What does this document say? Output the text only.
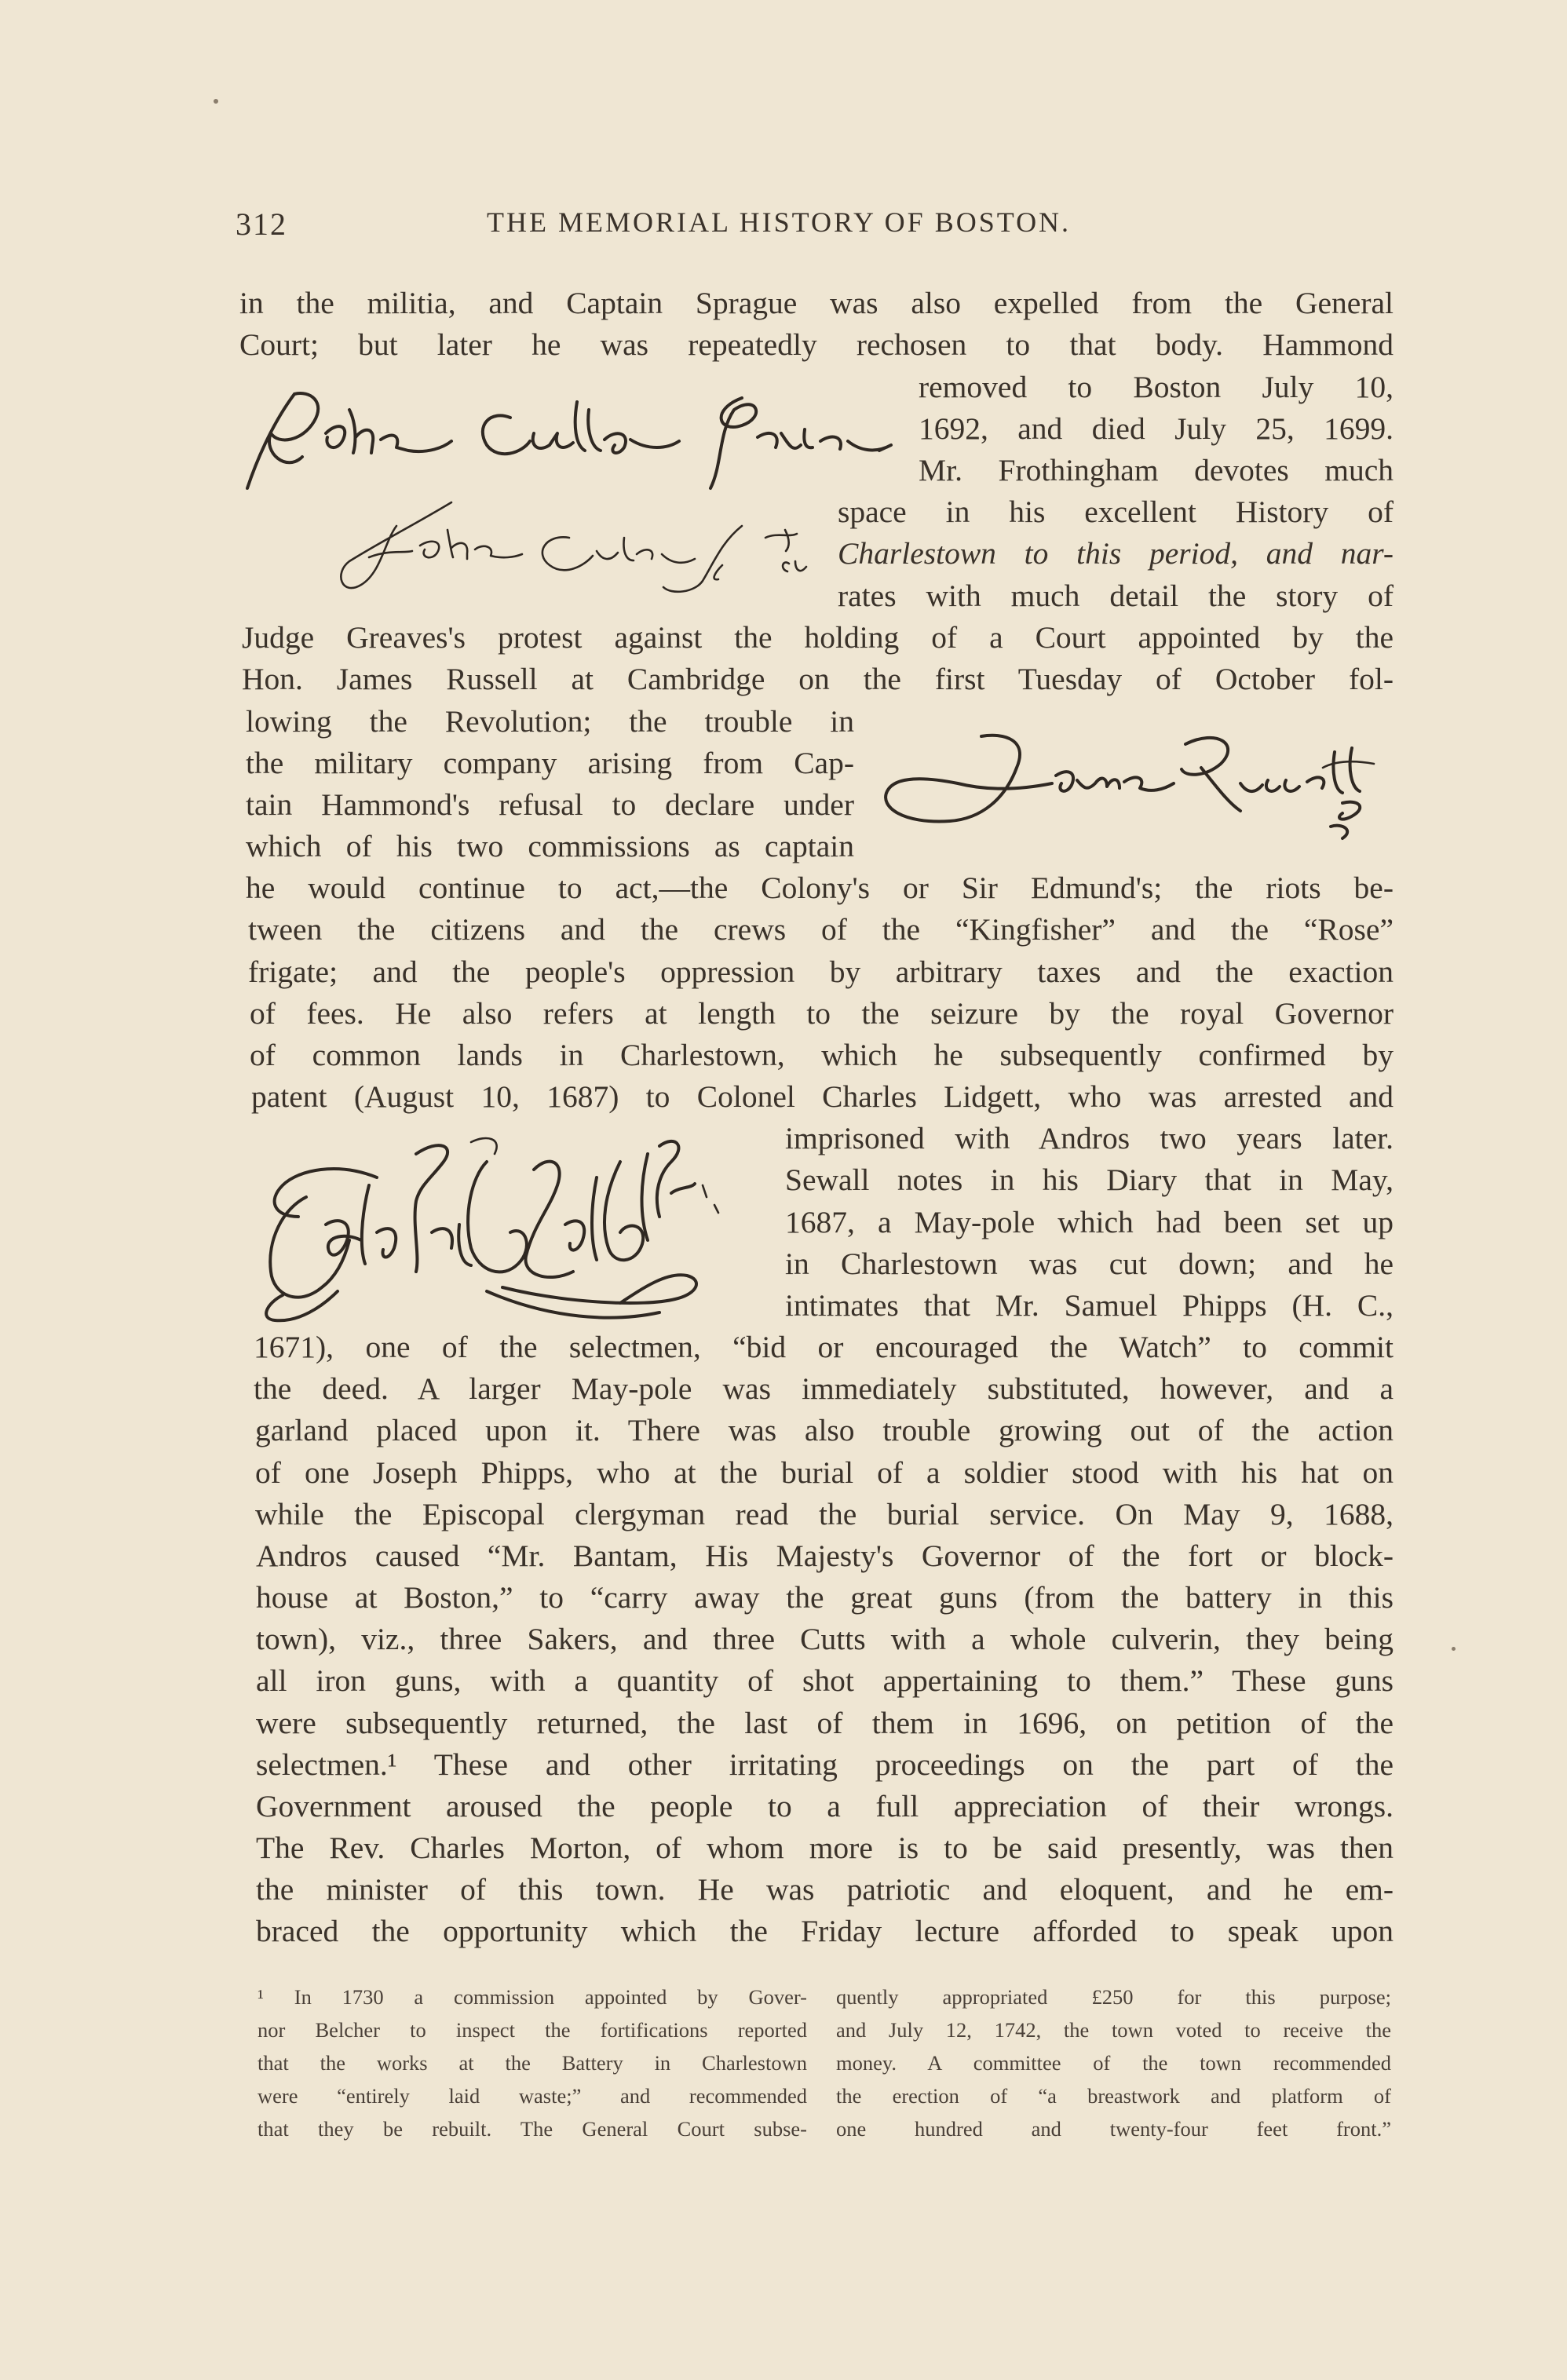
312	THE MEMORIAL HISTORY OF BOSTON.
in the militia, and Captain Sprague was also expelled from the General
Court; but later he was repeatedly rechosen to that body. Hammond
removed to Boston July 10,
1692, and died July 25, 1699.
Mr. Frothingham devotes much
space in his excellent History of
Charlestown to this period, and nar-
rates with much detail the story of
Judge Greaves's protest against the holding of a Court appointed by the
Hon. James Russell at Cambridge on the first Tuesday of October fol-
lowing the Revolution; the trouble in
the military company arising from Cap-
tain Hammond's refusal to declare under
which of his two commissions as captain
he would continue to act,—the Colony's or Sir Edmund's; the riots be-
tween the citizens and the crews of the “Kingfisher” and the “Rose”
frigate; and the people's oppression by arbitrary taxes and the exaction
of fees. He also refers at length to the seizure by the royal Governor
of common lands in Charlestown, which he subsequently confirmed by
patent (August 10, 1687) to Colonel Charles Lidgett, who was arrested and
imprisoned with Andros two years later.
Sewall notes in his Diary that in May,
1687, a May-pole which had been set up
in Charlestown was cut down; and he
intimates that Mr. Samuel Phipps (H. C.,
1671), one of the selectmen, “bid or encouraged the Watch” to commit
the deed. A larger May-pole was immediately substituted, however, and a
garland placed upon it. There was also trouble growing out of the action
of one Joseph Phipps, who at the burial of a soldier stood with his hat on
while the Episcopal clergyman read the burial service. On May 9, 1688,
Andros caused “Mr. Bantam, His Majesty's Governor of the fort or block-
house at Boston,” to “carry away the great guns (from the battery in this
town), viz., three Sakers, and three Cutts with a whole culverin, they being
all iron guns, with a quantity of shot appertaining to them.” These guns
were subsequently returned, the last of them in 1696, on petition of the
selectmen.¹ These and other irritating proceedings on the part of the
Government aroused the people to a full appreciation of their wrongs.
The Rev. Charles Morton, of whom more is to be said presently, was then
the minister of this town. He was patriotic and eloquent, and he em-
braced the opportunity which the Friday lecture afforded to speak upon
¹ In 1730 a commission appointed by Gover-
nor Belcher to inspect the fortifications reported
that the works at the Battery in Charlestown
were “entirely laid waste;” and recommended
that they be rebuilt. The General Court subse-
quently appropriated £250 for this purpose;
and July 12, 1742, the town voted to receive the
money. A committee of the town recommended
the erection of “a breastwork and platform of
one hundred and twenty-four feet front.”
